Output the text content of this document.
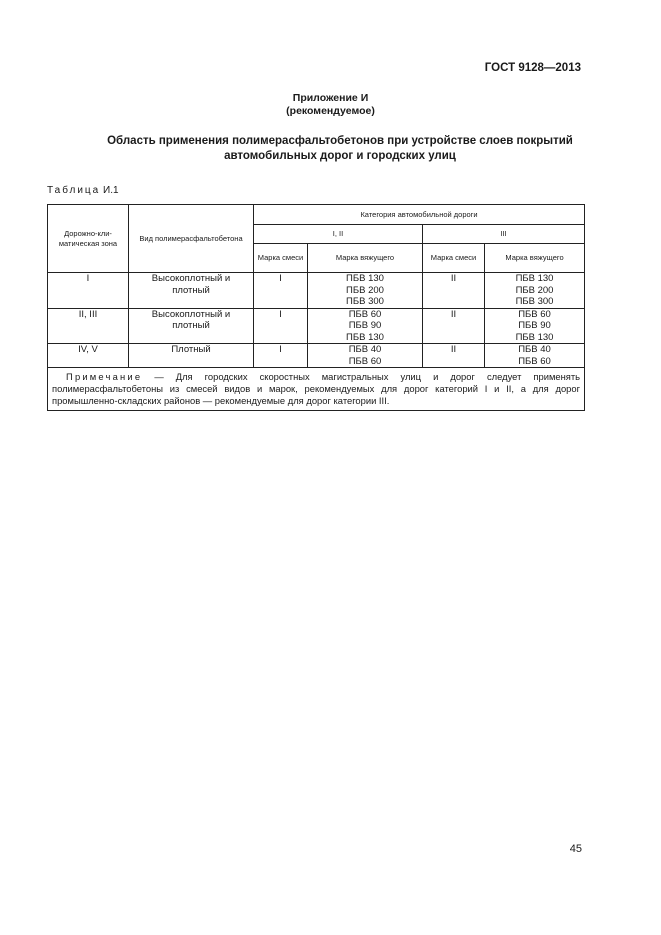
ГОСТ 9128—2013
Приложение И
(рекомендуемое)
Область применения полимерасфальтобетонов при устройстве слоев покрытий
автомобильных дорог и городских улиц
Таблица И.1
Дорожно-кли-матическая зона	Вид полимерасфальтобетона	Категория автомобильной дороги			
		I, II		III	
		Марка смеси	Марка вяжущего	Марка смеси	Марка вяжущего
I	Высокоплотный и плотный	I	ПБВ 130 ПБВ 200 ПБВ 300	II	ПБВ 130 ПБВ 200 ПБВ 300

II, III	Высокоплотный и плотный	I	ПБВ 60 ПБВ 90 ПБВ 130	II	ПБВ 60 ПБВ 90 ПБВ 130

IV, V	Плотный	I	ПБВ 40 ПБВ 60	II	ПБВ 40 ПБВ 60

Примечание — Для городских скоростных магистральных улиц и дорог следует применять полимерасфальтобетоны из смесей видов и марок, рекомендуемых для дорог категорий I и II, а для дорог промышленно-складских районов — рекомендуемые для дорог категории III.					
45
